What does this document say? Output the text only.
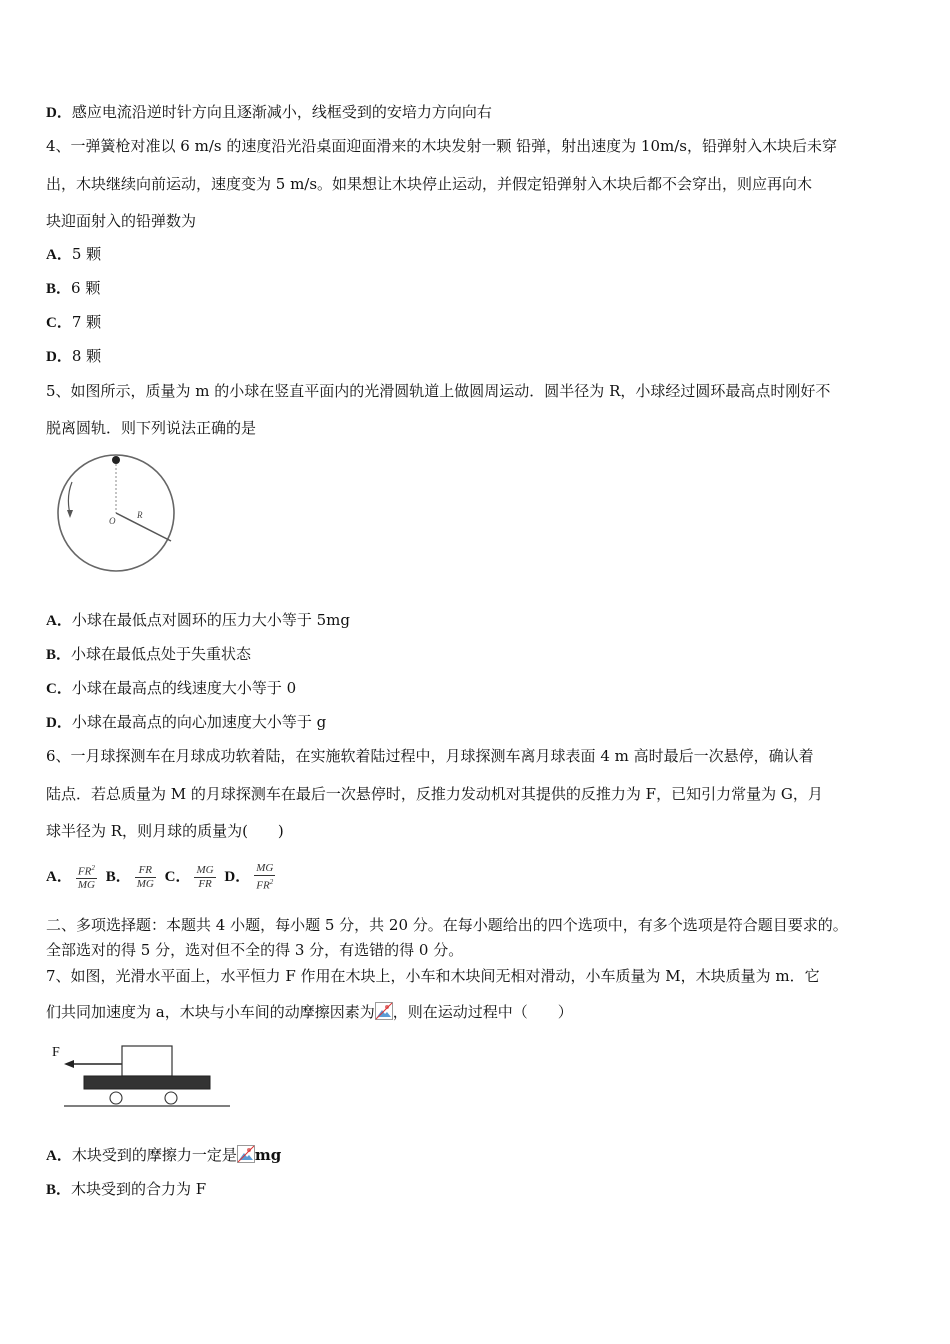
D．感应电流沿逆时针方向且逐渐减小，线框受到的安培力方向向右
4、一弹簧枪对准以 6 m/s 的速度沿光沿桌面迎面滑来的木块发射一颗 铅弹，射出速度为 10m/s，铅弹射入木块后未穿
出，木块继续向前运动，速度变为 5 m/s。如果想让木块停止运动，并假定铅弹射入木块后都不会穿出，则应再向木
块迎面射入的铅弹数为
A．5 颗
B．6 颗
C．7 颗
D．8 颗
5、如图所示，质量为 m 的小球在竖直平面内的光滑圆轨道上做圆周运动．圆半径为 R，小球经过圆环最高点时刚好不
脱离圆轨．则下列说法正确的是
O
R
A．小球在最低点对圆环的压力大小等于 5mg
B．小球在最低点处于失重状态
C．小球在最高点的线速度大小等于 0
D．小球在最高点的向心加速度大小等于 g
6、一月球探测车在月球成功软着陆，在实施软着陆过程中，月球探测车离月球表面 4 m 高时最后一次悬停，确认着
陆点．若总质量为 M 的月球探测车在最后一次悬停时，反推力发动机对其提供的反推力为 F，已知引力常量为 G，月
球半径为 R，则月球的质量为(　　)
A． $\frac{FR^2}{MG}$ B． $\frac{FR}{MG}$ C． $\frac{MG}{FR}$ D． $\frac{MG}{FR^2}$
二、多项选择题：本题共 4 小题，每小题 5 分，共 20 分。在每小题给出的四个选项中，有多个选项是符合题目要求的。
全部选对的得 5 分，选对但不全的得 3 分，有选错的得 0 分。
7、如图，光滑水平面上，水平恒力 F 作用在木块上，小车和木块间无相对滑动，小车质量为 M，木块质量为 m．它
们共同加速度为 a，木块与小车间的动摩擦因素为 ，则在运动过程中（　　）
F
A．木块受到的摩擦力一定是 mg
B．木块受到的合力为 F
